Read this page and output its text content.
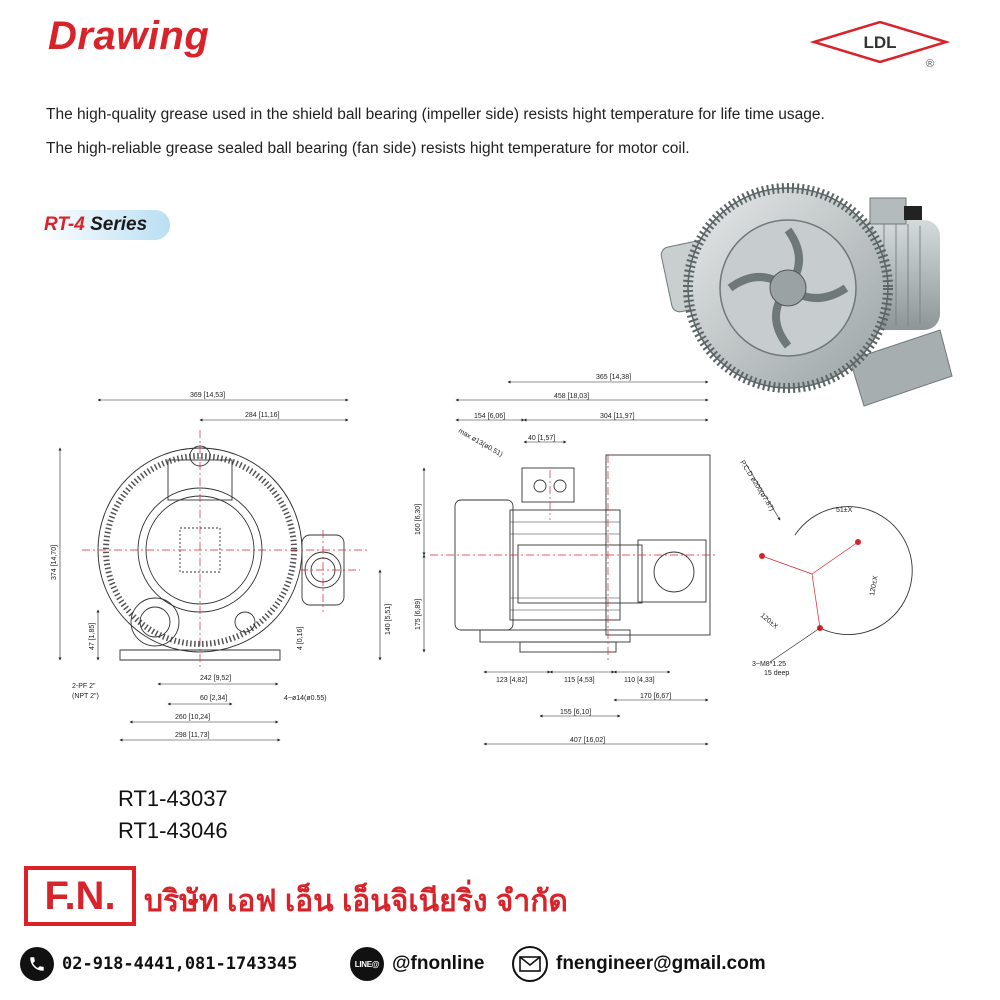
Drawing	LDL
®
The high-quality grease used in the shield ball bearing (impeller side) resists hight temperature for life time usage.
The high-reliable grease sealed ball bearing (fan side) resists hight temperature for motor coil.
RT-4 Series
369 [14,53]
284 [11,16]
374 [14,70]
47 [1,85]	4 [0,16]
140 [5,51]
242 [9,52]
60 [2,34]	4~ø14(ø0.55)
260 [10,24]
298 [11,73]
2-PF 2"
(NPT 2")
365 [14,38]
458 [18,03]
154 [6,06]	304 [11,97]
40 [1,57]
max ø13(ø0.51)
160 [6,30]
175 [6,89]
123 [4,82]	115 [4,53]	110 [4,33]
170 [6,67]
155 [6,10]
407 [16,02]
P.C.D ø200(ø7.87)	51±X
120±X
120±X
3~M8*1.25
15 deep
RT1-43037
RT1-43046
F.N. บริษัท เอฟ เอ็น เอ็นจิเนียริ่ง จำกัด
02-918-4441,081-1743345	LINE@ @fnonline	fnengineer@gmail.com
